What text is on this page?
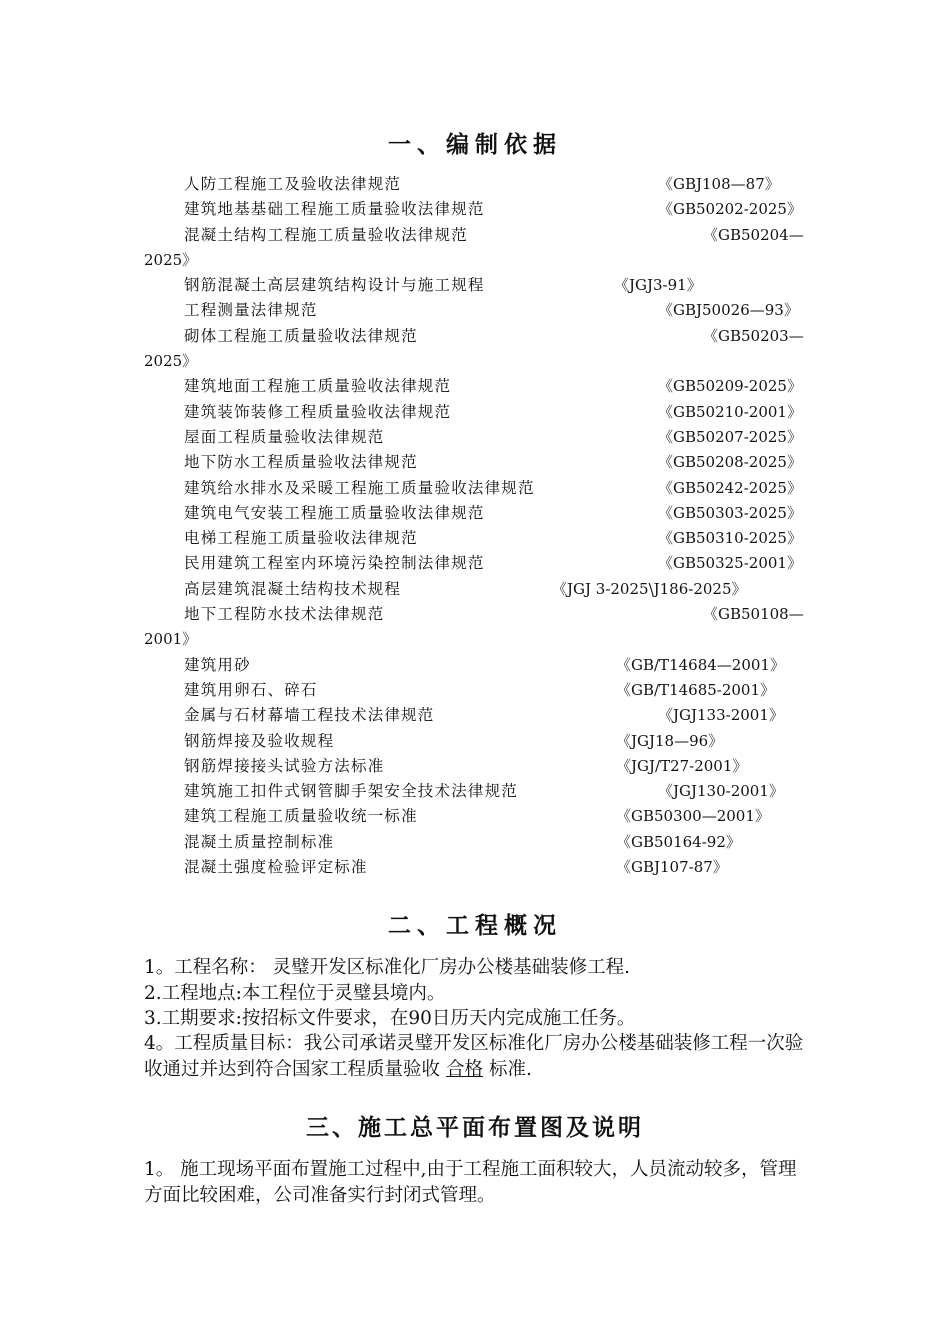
一、编制依据
人防工程施工及验收法律规范	《GBJ108—87》
建筑地基基础工程施工质量验收法律规范	《GB50202-2025》
混凝土结构工程施工质量验收法律规范	《GB50204—
2025》
钢筋混凝土高层建筑结构设计与施工规程	《JGJ3-91》
工程测量法律规范	《GBJ50026—93》
砌体工程施工质量验收法律规范	《GB50203—
2025》
建筑地面工程施工质量验收法律规范	《GB50209-2025》
建筑装饰装修工程质量验收法律规范	《GB50210-2001》
屋面工程质量验收法律规范	《GB50207-2025》
地下防水工程质量验收法律规范	《GB50208-2025》
建筑给水排水及采暖工程施工质量验收法律规范	《GB50242-2025》
建筑电气安装工程施工质量验收法律规范	《GB50303-2025》
电梯工程施工质量验收法律规范	《GB50310-2025》
民用建筑工程室内环境污染控制法律规范	《GB50325-2001》
高层建筑混凝土结构技术规程	《JGJ 3-2025\J186-2025》
地下工程防水技术法律规范	《GB50108—
2001》
建筑用砂	《GB/T14684—2001》
建筑用卵石、碎石	《GB/T14685-2001》
金属与石材幕墙工程技术法律规范	《JGJ133-2001》
钢筋焊接及验收规程	《JGJ18—96》
钢筋焊接接头试验方法标准	《JGJ/T27-2001》
建筑施工扣件式钢管脚手架安全技术法律规范	《JGJ130-2001》
建筑工程施工质量验收统一标准	《GB50300—2001》
混凝土质量控制标准	《GB50164-92》
混凝土强度检验评定标准	《GBJ107-87》
二、工程概况
1。工程名称： 灵璧开发区标准化厂房办公楼基础装修工程.
2.工程地点:本工程位于灵璧县境内。
3.工期要求:按招标文件要求，在90日历天内完成施工任务。
4。工程质量目标：我公司承诺灵璧开发区标准化厂房办公楼基础装修工程一次验收通过并达到符合国家工程质量验收 合格 标准.
三、施工总平面布置图及说明
1。 施工现场平面布置施工过程中,由于工程施工面积较大，人员流动较多，管理方面比较困难，公司准备实行封闭式管理。
